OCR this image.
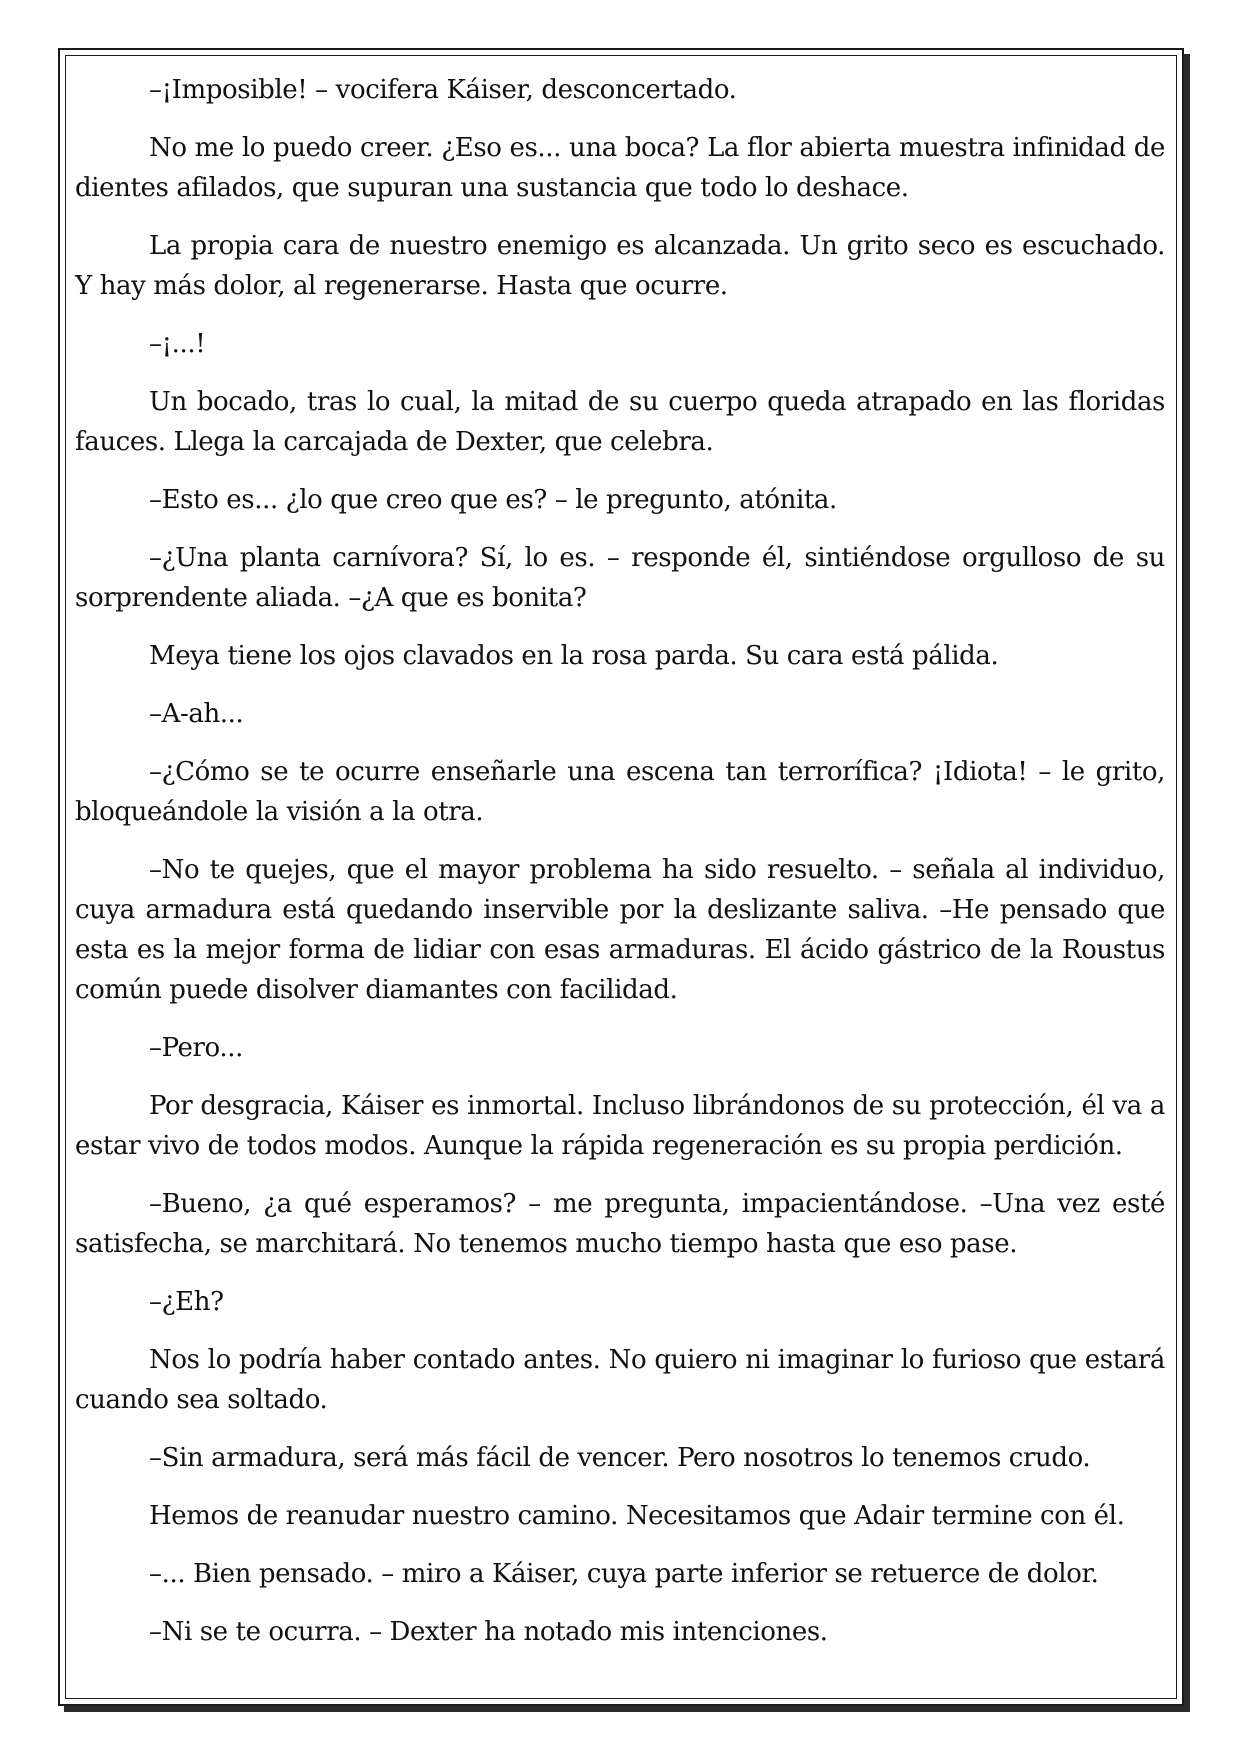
–¡Imposible! – vocifera Káiser, desconcertado.

No me lo puedo creer. ¿Eso es... una boca? La flor abierta muestra infinidad de dientes afilados, que supuran una sustancia que todo lo deshace.

La propia cara de nuestro enemigo es alcanzada. Un grito seco es escuchado. Y hay más dolor, al regenerarse. Hasta que ocurre.

–¡...!

Un bocado, tras lo cual, la mitad de su cuerpo queda atrapado en las floridas fauces. Llega la carcajada de Dexter, que celebra.

–Esto es... ¿lo que creo que es? – le pregunto, atónita.

–¿Una planta carnívora? Sí, lo es. – responde él, sintiéndose orgulloso de su sorprendente aliada. –¿A que es bonita?

Meya tiene los ojos clavados en la rosa parda. Su cara está pálida.

–A-ah...

–¿Cómo se te ocurre enseñarle una escena tan terrorífica? ¡Idiota! – le grito, bloqueándole la visión a la otra.

–No te quejes, que el mayor problema ha sido resuelto. – señala al individuo, cuya armadura está quedando inservible por la deslizante saliva. –He pensado que esta es la mejor forma de lidiar con esas armaduras. El ácido gástrico de la Roustus común puede disolver diamantes con facilidad.

–Pero...

Por desgracia, Káiser es inmortal. Incluso librándonos de su protección, él va a estar vivo de todos modos. Aunque la rápida regeneración es su propia perdición.

–Bueno, ¿a qué esperamos? – me pregunta, impacientándose. –Una vez esté satisfecha, se marchitará. No tenemos mucho tiempo hasta que eso pase.

–¿Eh?

Nos lo podría haber contado antes. No quiero ni imaginar lo furioso que estará cuando sea soltado.

–Sin armadura, será más fácil de vencer. Pero nosotros lo tenemos crudo.

Hemos de reanudar nuestro camino. Necesitamos que Adair termine con él.

–... Bien pensado. – miro a Káiser, cuya parte inferior se retuerce de dolor.

–Ni se te ocurra. – Dexter ha notado mis intenciones.
